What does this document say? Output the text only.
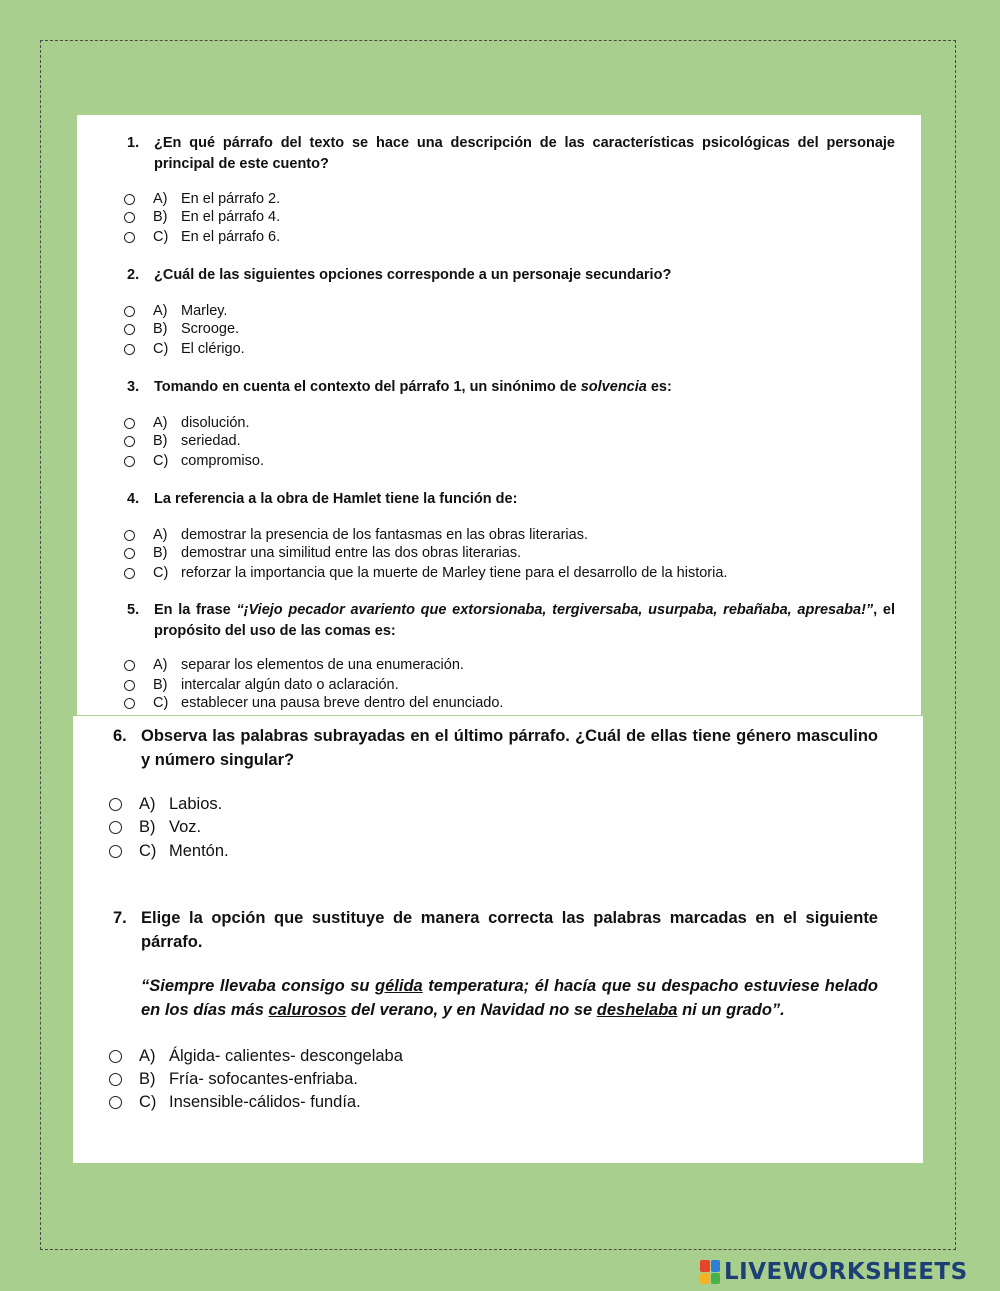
1. ¿En qué párrafo del texto se hace una descripción de las características psicológicas del personaje principal de este cuento?
A) En el párrafo 2.
B) En el párrafo 4.
C) En el párrafo 6.
2. ¿Cuál de las siguientes opciones corresponde a un personaje secundario?
A) Marley.
B) Scrooge.
C) El clérigo.
3. Tomando en cuenta el contexto del párrafo 1, un sinónimo de solvencia es:
A) disolución.
B) seriedad.
C) compromiso.
4. La referencia a la obra de Hamlet tiene la función de:
A) demostrar la presencia de los fantasmas en las obras literarias.
B) demostrar una similitud entre las dos obras literarias.
C) reforzar la importancia que la muerte de Marley tiene para el desarrollo de la historia.
5. En la frase “¡Viejo pecador avariento que extorsionaba, tergiversaba, usurpaba, rebañaba, apresaba!”, el propósito del uso de las comas es:
A) separar los elementos de una enumeración.
B) intercalar algún dato o aclaración.
C) establecer una pausa breve dentro del enunciado.
6. Observa las palabras subrayadas en el último párrafo. ¿Cuál de ellas tiene género masculino y número singular?
A) Labios.
B) Voz.
C) Mentón.
7. Elige la opción que sustituye de manera correcta las palabras marcadas en el siguiente párrafo.
“Siempre llevaba consigo su gélida temperatura; él hacía que su despacho estuviese helado en los días más calurosos del verano, y en Navidad no se deshelaba ni un grado”.
A) Álgida- calientes- descongelaba
B) Fría- sofocantes-enfriaba.
C) Insensible-cálidos- fundía.
LIVEWORKSHEETS
